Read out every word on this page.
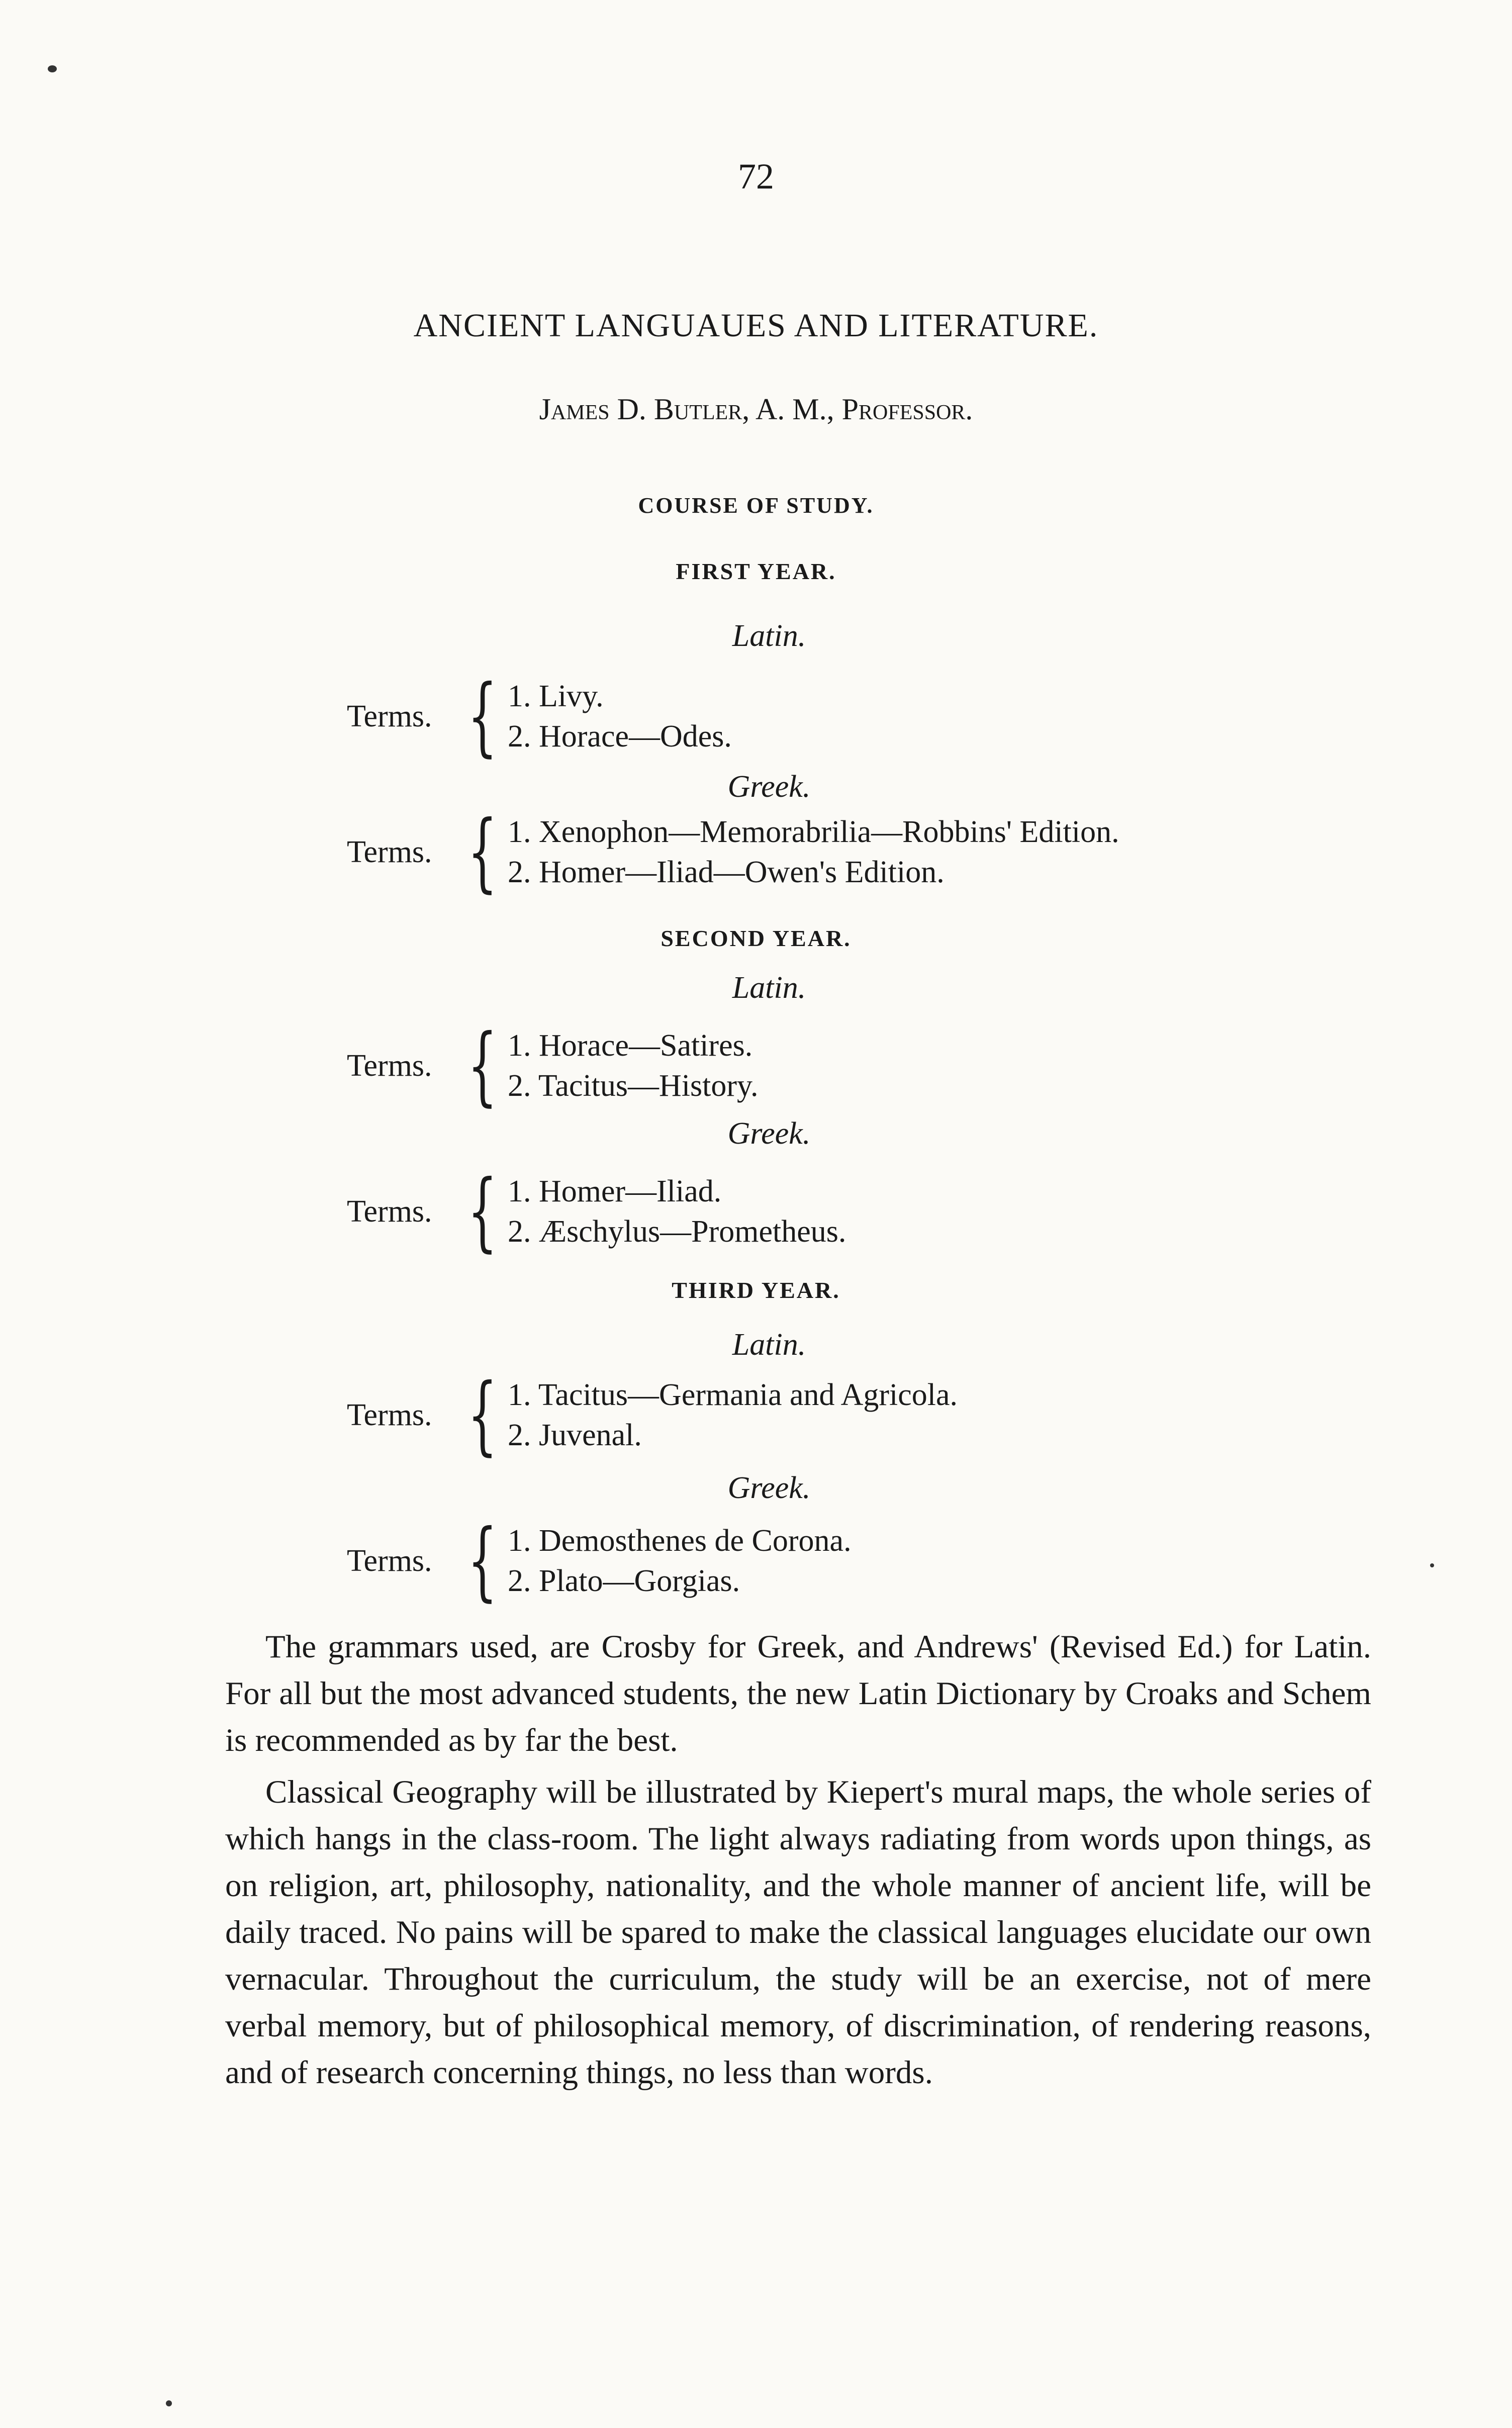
72
ANCIENT LANGUAUES AND LITERATURE.
James D. Butler, A. M., Professor.
COURSE OF STUDY.
FIRST YEAR.
Latin.
Terms. { 1. Livy.
2. Horace—Odes.
Greek.
Terms. { 1. Xenophon—Memorabrilia—Robbins' Edition.
2. Homer—Iliad—Owen's Edition.
SECOND YEAR.
Latin.
Terms. { 1. Horace—Satires.
2. Tacitus—History.
Greek.
Terms. { 1. Homer—Iliad.
2. Æschylus—Prometheus.
THIRD YEAR.
Latin.
Terms. { 1. Tacitus—Germania and Agricola.
2. Juvenal.
Greek.
Terms. { 1. Demosthenes de Corona.
2. Plato—Gorgias.

The grammars used, are Crosby for Greek, and Andrews' (Revised Ed.) for Latin. For all but the most advanced students, the new Latin Dictionary by Croaks and Schem is recommended as by far the best.

Classical Geography will be illustrated by Kiepert's mural maps, the whole series of which hangs in the class-room. The light always radiating from words upon things, as on religion, art, philosophy, nationality, and the whole manner of ancient life, will be daily traced. No pains will be spared to make the classical languages elucidate our own vernacular. Throughout the curriculum, the study will be an exercise, not of mere verbal memory, but of philosophical memory, of discrimination, of rendering reasons, and of research concerning things, no less than words.
